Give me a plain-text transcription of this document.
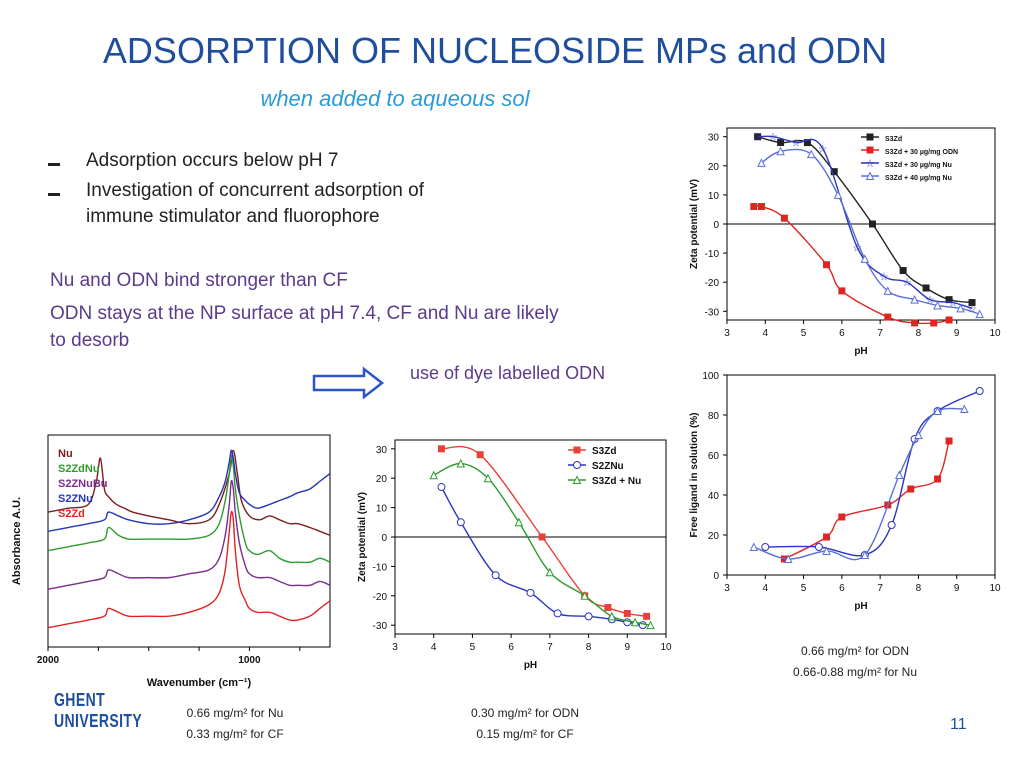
ADSORPTION OF NUCLEOSIDE MPs and ODN
when added to aqueous sol
Adsorption occurs below pH 7
Investigation of concurrent adsorption of
immune stimulator and fluorophore
Nu and ODN bind stronger than CF
ODN stays at the NP surface at pH 7.4, CF and Nu are likely
to desorb
use of dye labelled ODN
2000	1000
Wavenumber (cm⁻¹)
Absorbance A.U.
Nu
S2ZdNu
S2ZNuBu
S2ZNu
S2Zd
3	4	5	6	7	8	9	10
30
20
10
0
-10
-20
-30
pH
Zeta potential (mV)
S3Zd
S2ZNu
S3Zd + Nu
3	4	5	6	7	8	9	10
30
20
10
0
-10
-20
-30
pH
Zeta potential (mV)
☆ ☆ ☆ ☆
☆
☆ ☆
☆ ☆ ☆
S3Zd
S3Zd + 30 µg/mg ODN
☆ S3Zd + 30 µg/mg Nu
S3Zd + 40 µg/mg Nu
3	4	5	6	7	8	9	10
0
20
40
60
80
100
pH
Free ligand in solution (%)
0.66 mg/m² for Nu
0.33 mg/m² for CF
0.30 mg/m² for ODN
0.15 mg/m² for CF
0.66 mg/m² for ODN
0.66-0.88 mg/m² for Nu
GHENT
UNIVERSITY	11
